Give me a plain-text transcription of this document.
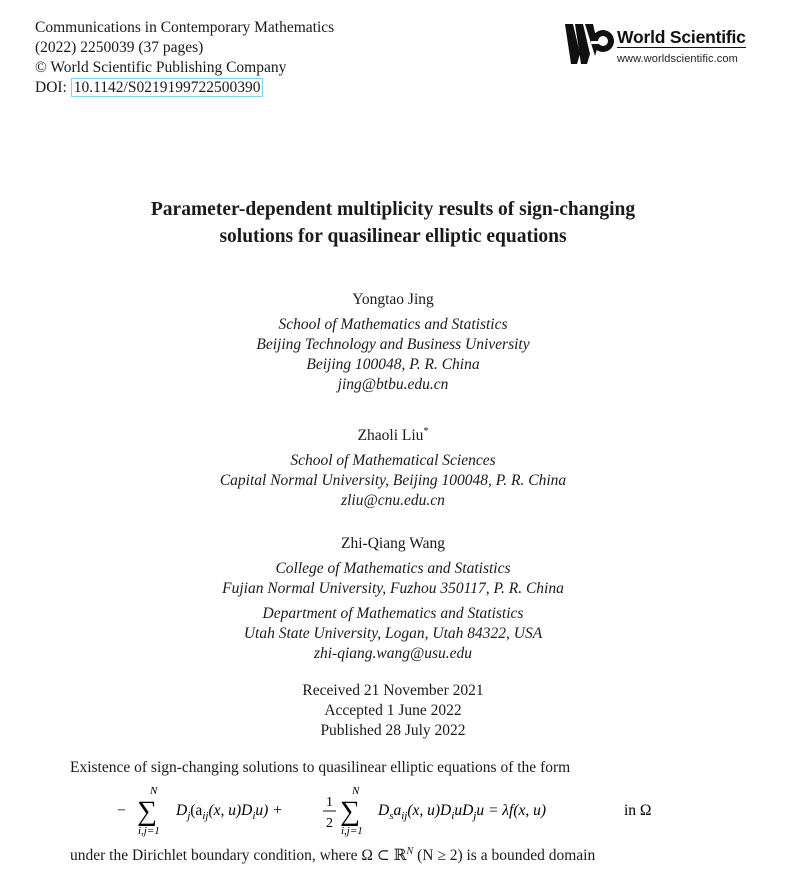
Communications in Contemporary Mathematics
(2022) 2250039 (37 pages)
© World Scientific Publishing Company
DOI: 10.1142/S0219199722500390
World Scientific
www.worldscientific.com
Parameter-dependent multiplicity results of sign-changing
solutions for quasilinear elliptic equations
Yongtao Jing
School of Mathematics and Statistics
Beijing Technology and Business University
Beijing 100048, P. R. China
jing@btbu.edu.cn
Zhaoli Liu*
School of Mathematical Sciences
Capital Normal University, Beijing 100048, P. R. China
zliu@cnu.edu.cn
Zhi-Qiang Wang
College of Mathematics and Statistics
Fujian Normal University, Fuzhou 350117, P. R. China
Department of Mathematics and Statistics
Utah State University, Logan, Utah 84322, USA
zhi-qiang.wang@usu.edu
Received 21 November 2021
Accepted 1 June 2022
Published 28 July 2022
Existence of sign-changing solutions to quasilinear elliptic equations of the form
−
N
∑
i,j=1
$D_j(a_{ij}(x$, $u)D_iu$) +	1
2
N
∑
i,j=1
$D_sa_{ij}(x$, $u)D_iuD_ju = \lambda f(x$, u)	in Ω
under the Dirichlet boundary condition, where Ω ⊂ ℝ$^N$ (N ≥ 2) is a bounded domain
